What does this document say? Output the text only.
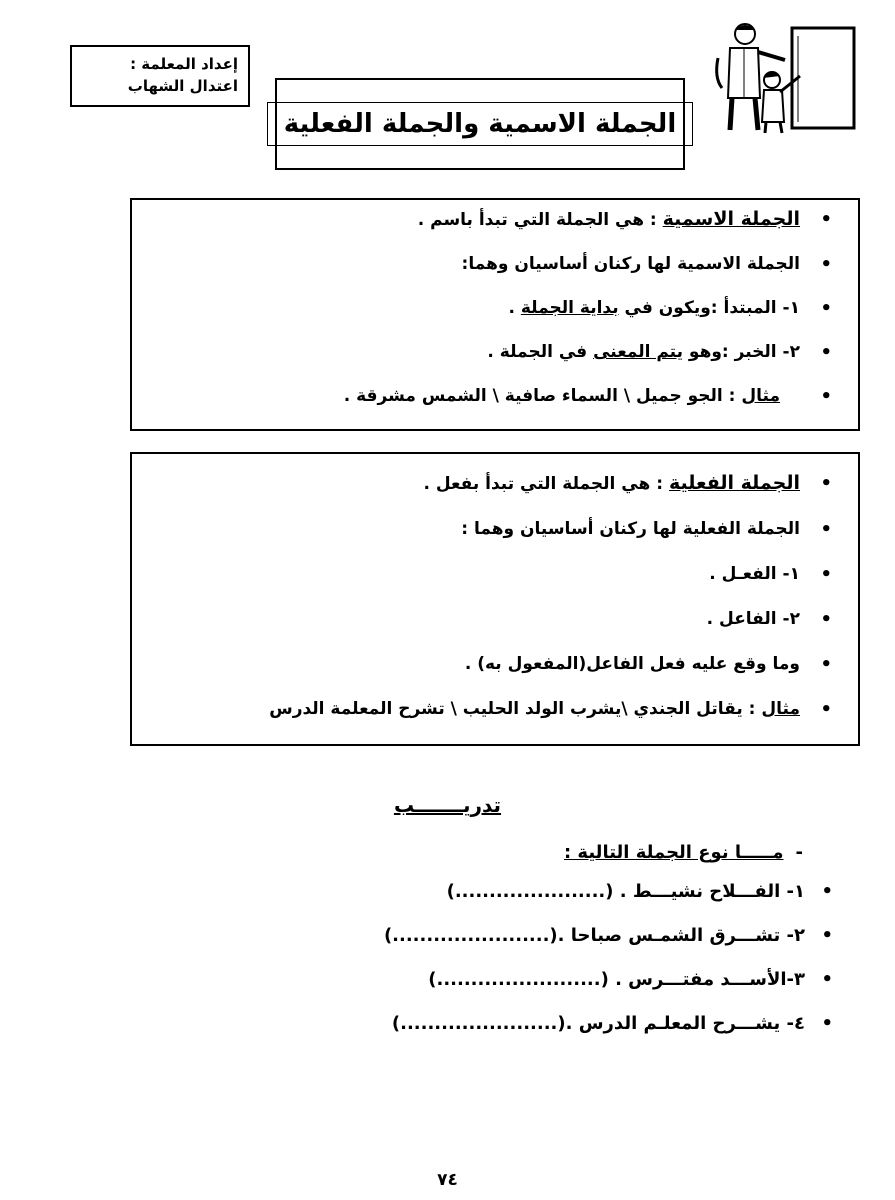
إعداد المعلمة :
اعتدال الشهاب
الجملة الاسمية والجملة الفعلية
• الجملة الاسمية : هي الجملة التي تبدأ باسم .
• الجملة الاسمية لها ركنان أساسيان وهما:
• ١- المبتدأ :ويكون في بداية الجملة .
• ٢- الخبر :وهو يتم المعنى في الجملة .
• مثال : الجو جميل \ السماء صافية \ الشمس مشرقة .
• الجملة الفعلية : هي الجملة التي تبدأ بفعل .
• الجملة الفعلية لها ركنان أساسيان وهما :
• ١- الفعـل .
• ٢- الفاعل .
• وما وقع عليه فعل الفاعل(المفعول به) .
• مثال : يقاتل الجندي \يشرب الولد الحليب \ تشرح المعلمة الدرس
تدريـــــــب
-مـــــا نوع الجملة التالية :
• ١- الفـــلاح نشيـــط . (......................)
• ٢- تشـــرق الشمـس صباحا .(.......................)
• ٣-الأســـد مفتـــرس . (........................)
• ٤- يشـــرح المعلـم الدرس .(.......................)
٧٤
